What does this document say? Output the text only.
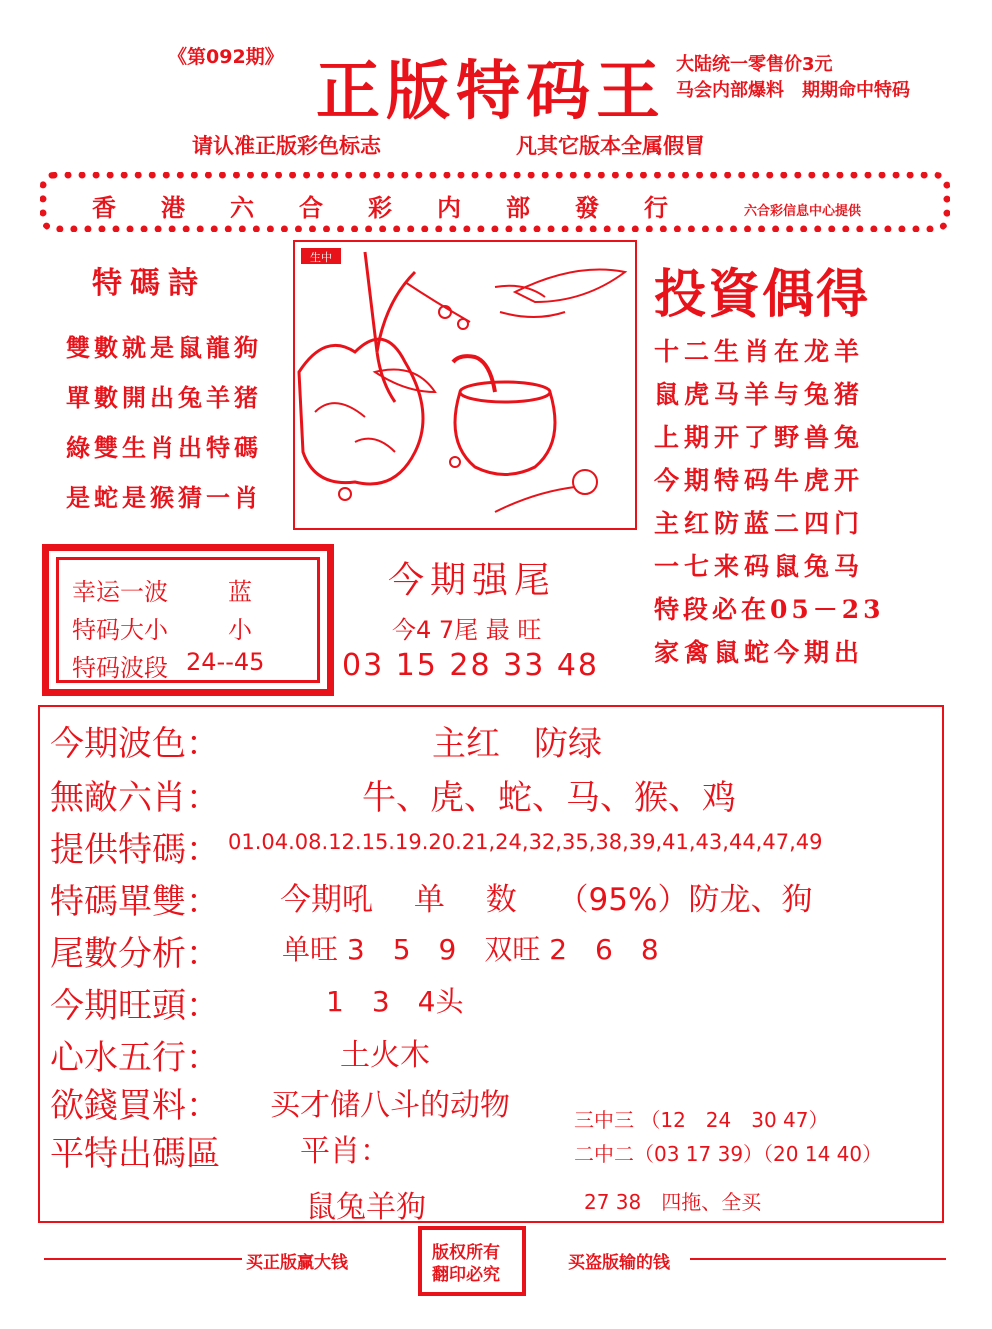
《第092期》 正版特码王 大陆统一零售价3元
马会内部爆料　期期命中特码
请认准正版彩色标志	凡其它版本全属假冒
香 港 六 合 彩 内 部 發 行	六合彩信息中心提供
特碼詩
雙數就是鼠龍狗
單數開出兔羊猪
綠雙生肖出特碼
是蛇是猴猜一肖
生中
投資偶得
十二生肖在龙羊
鼠虎马羊与兔猪
上期开了野兽兔
今期特码牛虎开
主红防蓝二四门
一七来码鼠兔马
特段必在05－23
家禽鼠蛇今期出
幸运一波	蓝
特码大小	小
特码波段 24--45
今期强尾
今4 7尾 最 旺
03 15 28 33 48
今期波色：	主红　防绿
無敵六肖：	牛、虎、蛇、马、猴、鸡
提供特碼： 01.04.08.12.15.19.20.21,24,32,35,38,39,41,43,44,47,49
特碼單雙： 今期吼　 单　 数　 （95%）防龙、狗
尾數分析： 单旺 3　5　9　双旺 2　6　8
今期旺頭：	1　3　4头
心水五行：	土火木
欲錢買料： 买才储八斗的动物
平特出碼區	平肖：
鼠兔羊狗
三中三 （12　24　30 47）
二中二（03 17 39）（20 14 40）
27 38　四拖、全买
买正版赢大钱	版权所有
翻印必究
买盗版输的钱
